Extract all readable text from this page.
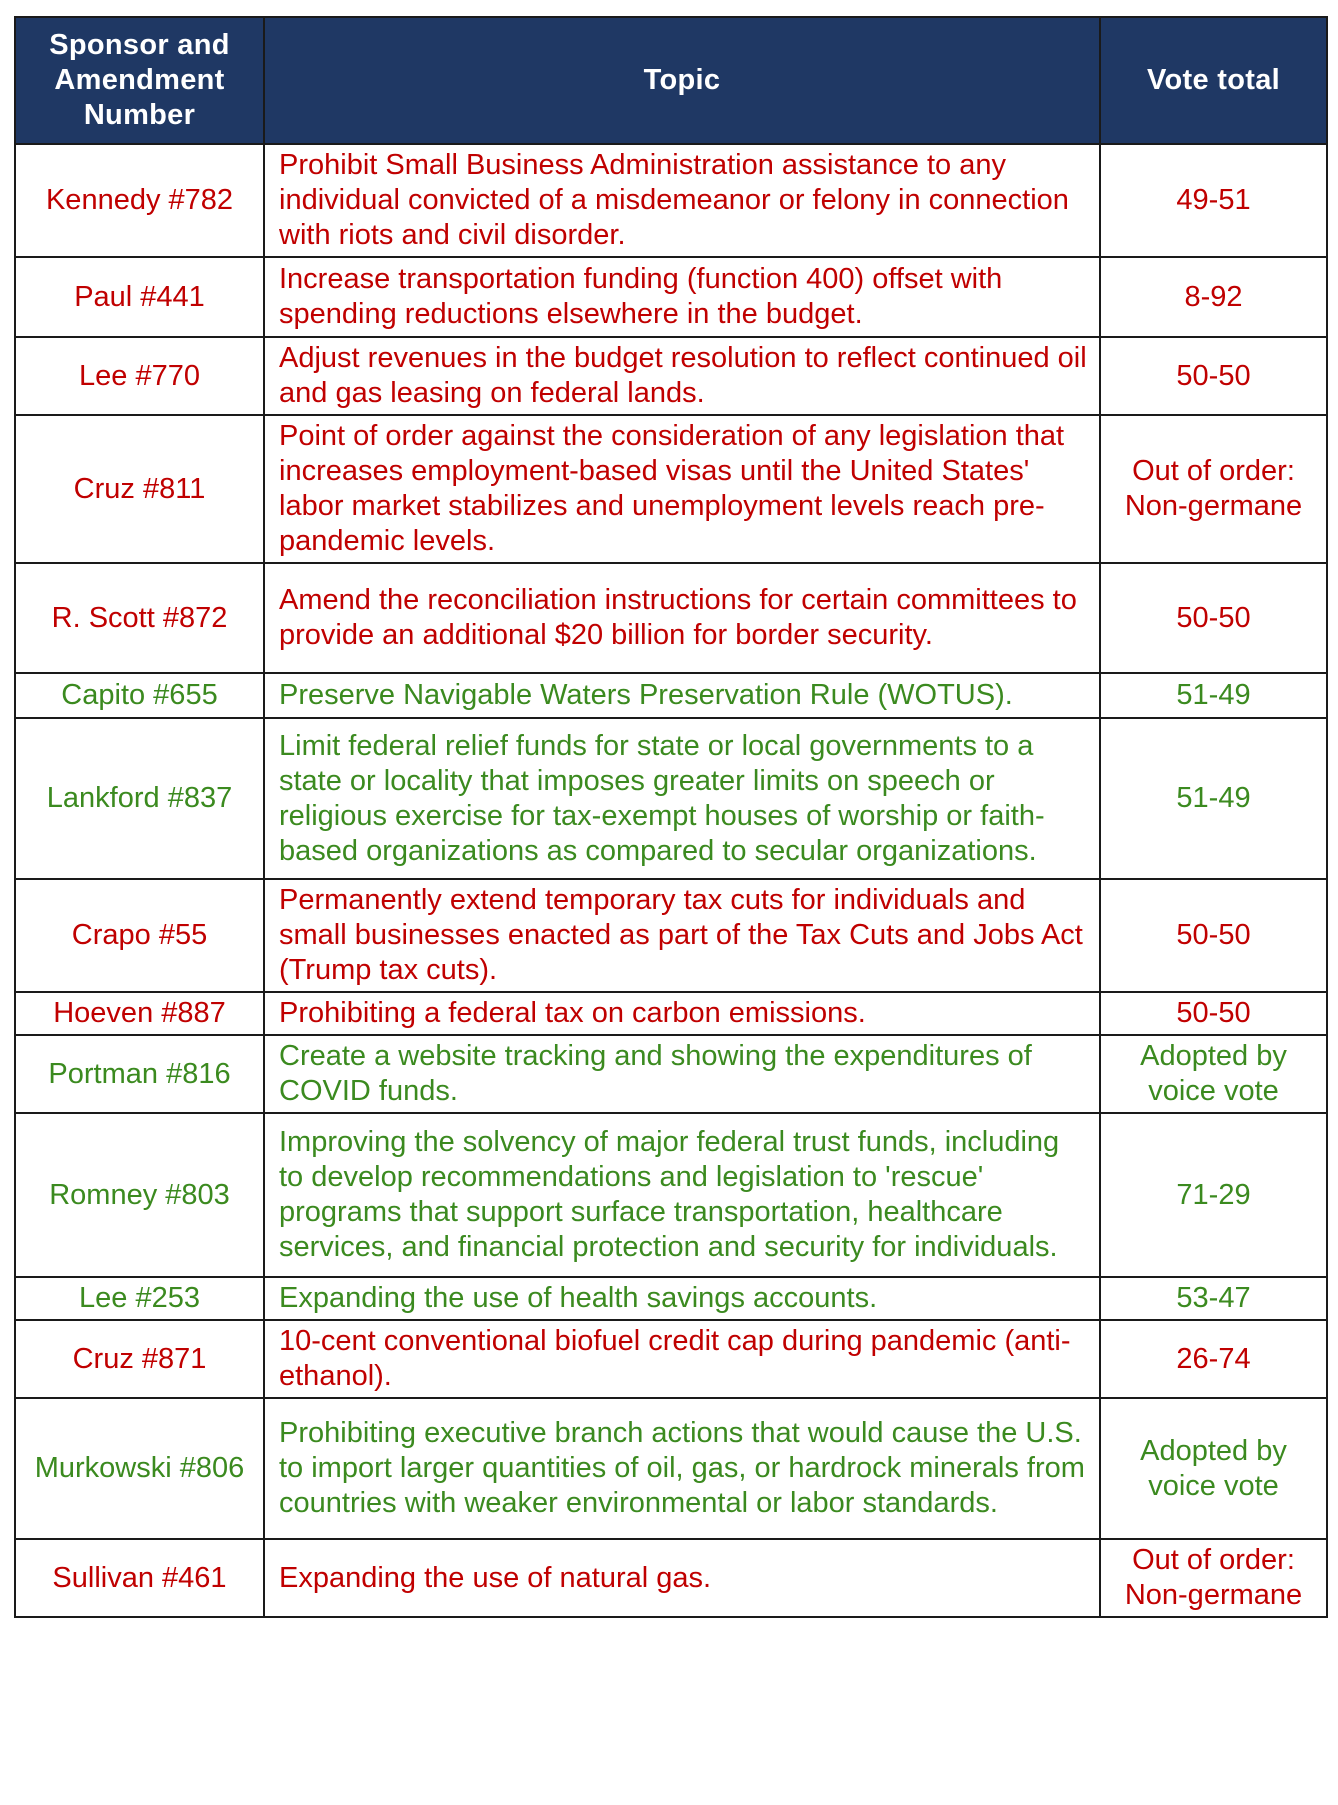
Sponsor and Amendment Number	Topic	Vote total
Kennedy #782	Prohibit Small Business Administration assistance to any individual convicted of a misdemeanor or felony in connection with riots and civil disorder.	49-51
Paul #441	Increase transportation funding (function 400) offset with spending reductions elsewhere in the budget.	8-92
Lee #770	Adjust revenues in the budget resolution to reflect continued oil and gas leasing on federal lands.	50-50
Cruz #811	Point of order against the consideration of any legislation that increases employment-based visas until the United States' labor market stabilizes and unemployment levels reach pre-pandemic levels.	Out of order: Non-germane
R. Scott #872	Amend the reconciliation instructions for certain committees to provide an additional $20 billion for border security.	50-50
Capito #655	Preserve Navigable Waters Preservation Rule (WOTUS).	51-49
Lankford #837	Limit federal relief funds for state or local governments to a state or locality that imposes greater limits on speech or religious exercise for tax-exempt houses of worship or faith-based organizations as compared to secular organizations.	51-49
Crapo #55	Permanently extend temporary tax cuts for individuals and small businesses enacted as part of the Tax Cuts and Jobs Act (Trump tax cuts).	50-50
Hoeven #887	Prohibiting a federal tax on carbon emissions.	50-50
Portman #816	Create a website tracking and showing the expenditures of COVID funds.	Adopted by voice vote
Romney #803	Improving the solvency of major federal trust funds, including to develop recommendations and legislation to 'rescue' programs that support surface transportation, healthcare services, and financial protection and security for individuals.	71-29
Lee #253	Expanding the use of health savings accounts.	53-47
Cruz #871	10-cent conventional biofuel credit cap during pandemic (anti-ethanol).	26-74
Murkowski #806	Prohibiting executive branch actions that would cause the U.S. to import larger quantities of oil, gas, or hardrock minerals from countries with weaker environmental or labor standards.	Adopted by voice vote
Sullivan #461	Expanding the use of natural gas.	Out of order: Non-germane
